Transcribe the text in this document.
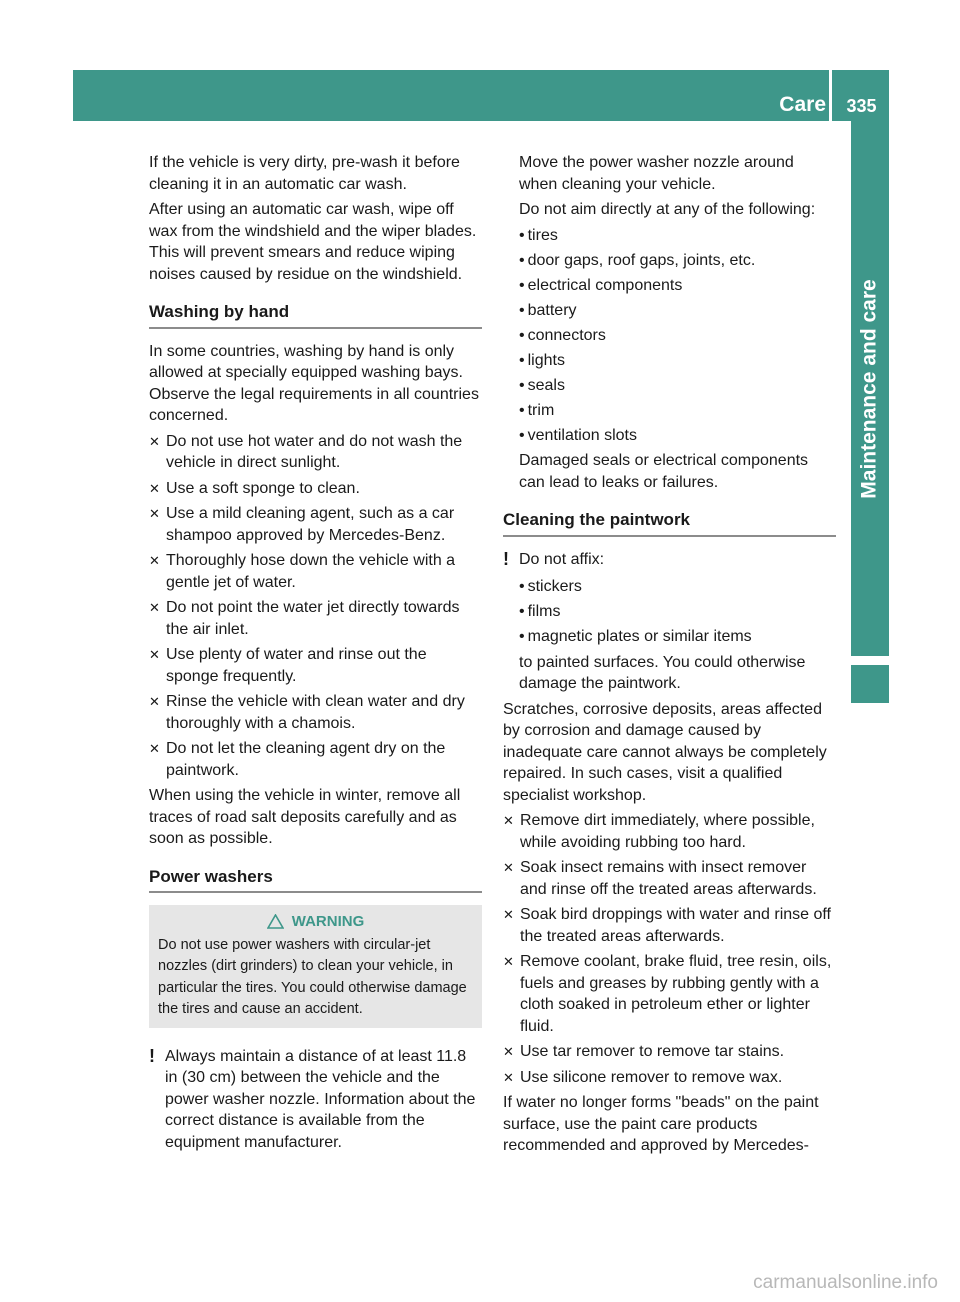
Care	335
Maintenance and care

If the vehicle is very dirty, pre-wash it before cleaning it in an automatic car wash.

After using an automatic car wash, wipe off wax from the windshield and the wiper blades. This will prevent smears and reduce wiping noises caused by residue on the windshield.

Washing by hand

In some countries, washing by hand is only allowed at specially equipped washing bays. Observe the legal requirements in all countries concerned.

✕ Do not use hot water and do not wash the vehicle in direct sunlight.
✕ Use a soft sponge to clean.
✕ Use a mild cleaning agent, such as a car shampoo approved by Mercedes-Benz.
✕ Thoroughly hose down the vehicle with a gentle jet of water.
✕ Do not point the water jet directly towards the air inlet.
✕ Use plenty of water and rinse out the sponge frequently.
✕ Rinse the vehicle with clean water and dry thoroughly with a chamois.
✕ Do not let the cleaning agent dry on the paintwork.

When using the vehicle in winter, remove all traces of road salt deposits carefully and as soon as possible.

Power washers
WARNING
Do not use power washers with circular-jet nozzles (dirt grinders) to clean your vehicle, in particular the tires. You could otherwise damage the tires and cause an accident.
! Always maintain a distance of at least 11.8 in (30 cm) between the vehicle and the power washer nozzle. Information about the correct distance is available from the equipment manufacturer.

Move the power washer nozzle around when cleaning your vehicle.

Do not aim directly at any of the following:

• tires
• door gaps, roof gaps, joints, etc.
• electrical components
• battery
• connectors
• lights
• seals
• trim
• ventilation slots

Damaged seals or electrical components can lead to leaks or failures.

Cleaning the paintwork
! Do not affix:
• stickers
• films
• magnetic plates or similar items

to painted surfaces. You could otherwise damage the paintwork.

Scratches, corrosive deposits, areas affected by corrosion and damage caused by inadequate care cannot always be completely repaired. In such cases, visit a qualified specialist workshop.

✕ Remove dirt immediately, where possible, while avoiding rubbing too hard.
✕ Soak insect remains with insect remover and rinse off the treated areas afterwards.
✕ Soak bird droppings with water and rinse off the treated areas afterwards.
✕ Remove coolant, brake fluid, tree resin, oils, fuels and greases by rubbing gently with a cloth soaked in petroleum ether or lighter fluid.
✕ Use tar remover to remove tar stains.
✕ Use silicone remover to remove wax.

If water no longer forms "beads" on the paint surface, use the paint care products recommended and approved by Mercedes-

carmanualsonline.info
